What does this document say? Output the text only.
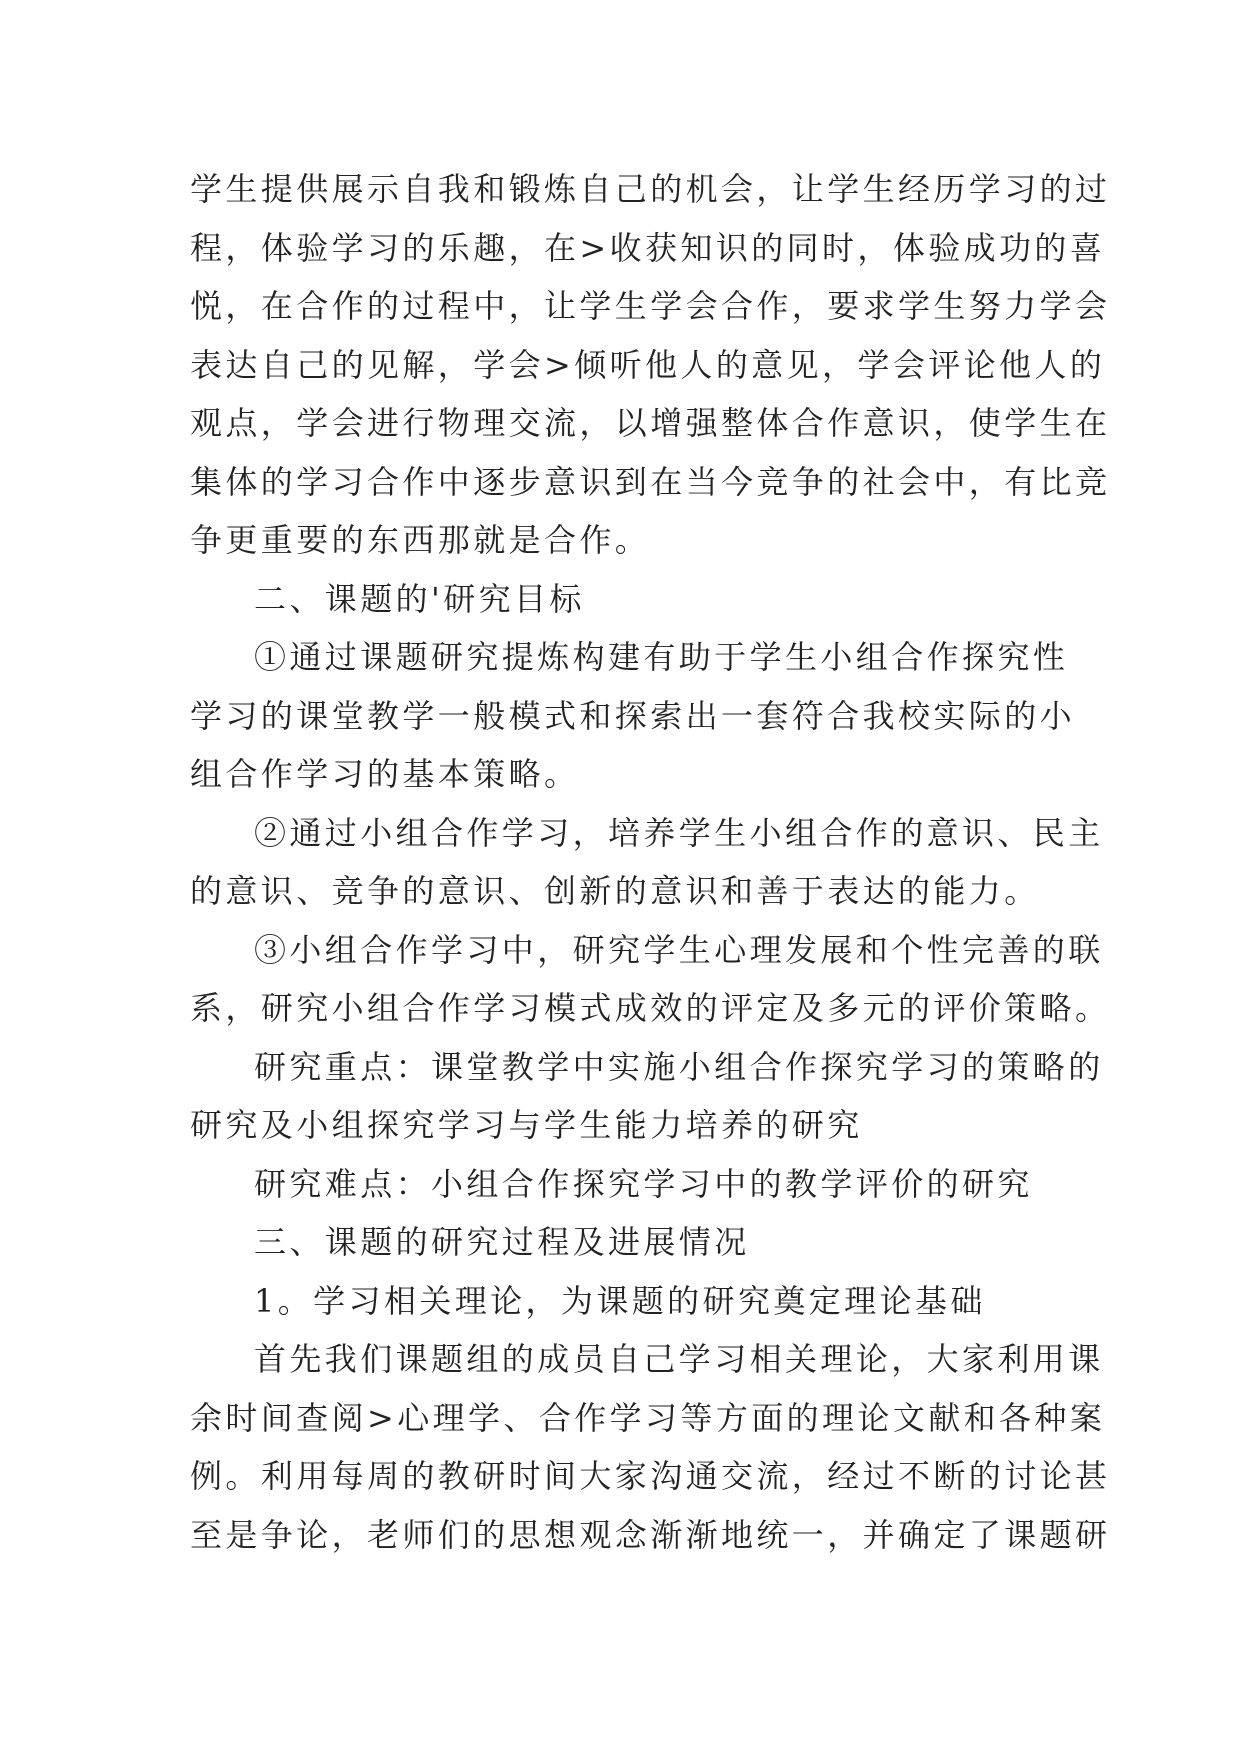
学生提供展示自我和锻炼自己的机会，让学生经历学习的过
程，体验学习的乐趣，在>收获知识的同时，体验成功的喜
悦，在合作的过程中，让学生学会合作，要求学生努力学会
表达自己的见解，学会>倾听他人的意见，学会评论他人的
观点，学会进行物理交流，以增强整体合作意识，使学生在
集体的学习合作中逐步意识到在当今竞争的社会中，有比竞
争更重要的东西那就是合作。
二、课题的'研究目标
①通过课题研究提炼构建有助于学生小组合作探究性
学习的课堂教学一般模式和探索出一套符合我校实际的小
组合作学习的基本策略。
②通过小组合作学习，培养学生小组合作的意识、民主
的意识、竞争的意识、创新的意识和善于表达的能力。
③小组合作学习中，研究学生心理发展和个性完善的联
系，研究小组合作学习模式成效的评定及多元的评价策略。
研究重点：课堂教学中实施小组合作探究学习的策略的
研究及小组探究学习与学生能力培养的研究
研究难点：小组合作探究学习中的教学评价的研究
三、课题的研究过程及进展情况
1。学习相关理论，为课题的研究奠定理论基础
首先我们课题组的成员自己学习相关理论，大家利用课
余时间查阅>心理学、合作学习等方面的理论文献和各种案
例。利用每周的教研时间大家沟通交流，经过不断的讨论甚
至是争论，老师们的思想观念渐渐地统一，并确定了课题研
